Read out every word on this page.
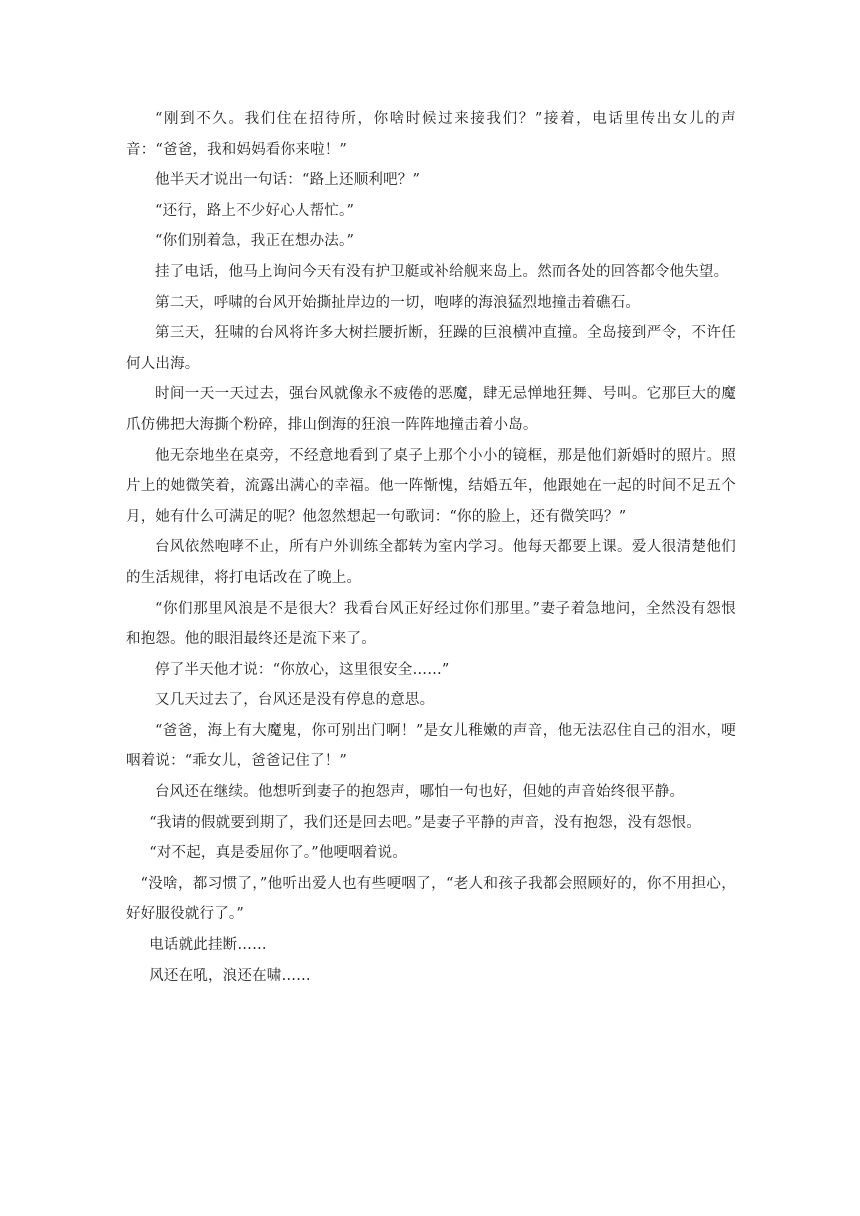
“刚到不久。我们住在招待所，你啥时候过来接我们？”接着，电话里传出女儿的声音：“爸爸，我和妈妈看你来啦！”

他半天才说出一句话：“路上还顺利吧？”

“还行，路上不少好心人帮忙。”

“你们别着急，我正在想办法。”

挂了电话，他马上询问今天有没有护卫艇或补给舰来岛上。然而各处的回答都令他失望。

第二天，呼啸的台风开始撕扯岸边的一切，咆哮的海浪猛烈地撞击着礁石。

第三天，狂啸的台风将许多大树拦腰折断，狂躁的巨浪横冲直撞。全岛接到严令，不许任何人出海。

时间一天一天过去，强台风就像永不疲倦的恶魔，肆无忌惮地狂舞、号叫。它那巨大的魔爪仿佛把大海撕个粉碎，排山倒海的狂浪一阵阵地撞击着小岛。

他无奈地坐在桌旁，不经意地看到了桌子上那个小小的镜框，那是他们新婚时的照片。照片上的她微笑着，流露出满心的幸福。他一阵惭愧，结婚五年，他跟她在一起的时间不足五个月，她有什么可满足的呢？他忽然想起一句歌词：“你的脸上，还有微笑吗？”

台风依然咆哮不止，所有户外训练全都转为室内学习。他每天都要上课。爱人很清楚他们的生活规律，将打电话改在了晚上。

“你们那里风浪是不是很大？我看台风正好经过你们那里。”妻子着急地问，全然没有怨恨和抱怨。他的眼泪最终还是流下来了。

停了半天他才说：“你放心，这里很安全……”

又几天过去了，台风还是没有停息的意思。

“爸爸，海上有大魔鬼，你可别出门啊！”是女儿稚嫩的声音，他无法忍住自己的泪水，哽咽着说：“乖女儿，爸爸记住了！”

台风还在继续。他想听到妻子的抱怨声，哪怕一句也好，但她的声音始终很平静。

“我请的假就要到期了，我们还是回去吧。”是妻子平静的声音，没有抱怨，没有怨恨。

“对不起，真是委屈你了。”他哽咽着说。

“没啥，都习惯了，”他听出爱人也有些哽咽了，“老人和孩子我都会照顾好的，你不用担心，好好服役就行了。”

电话就此挂断……

风还在吼，浪还在啸……
